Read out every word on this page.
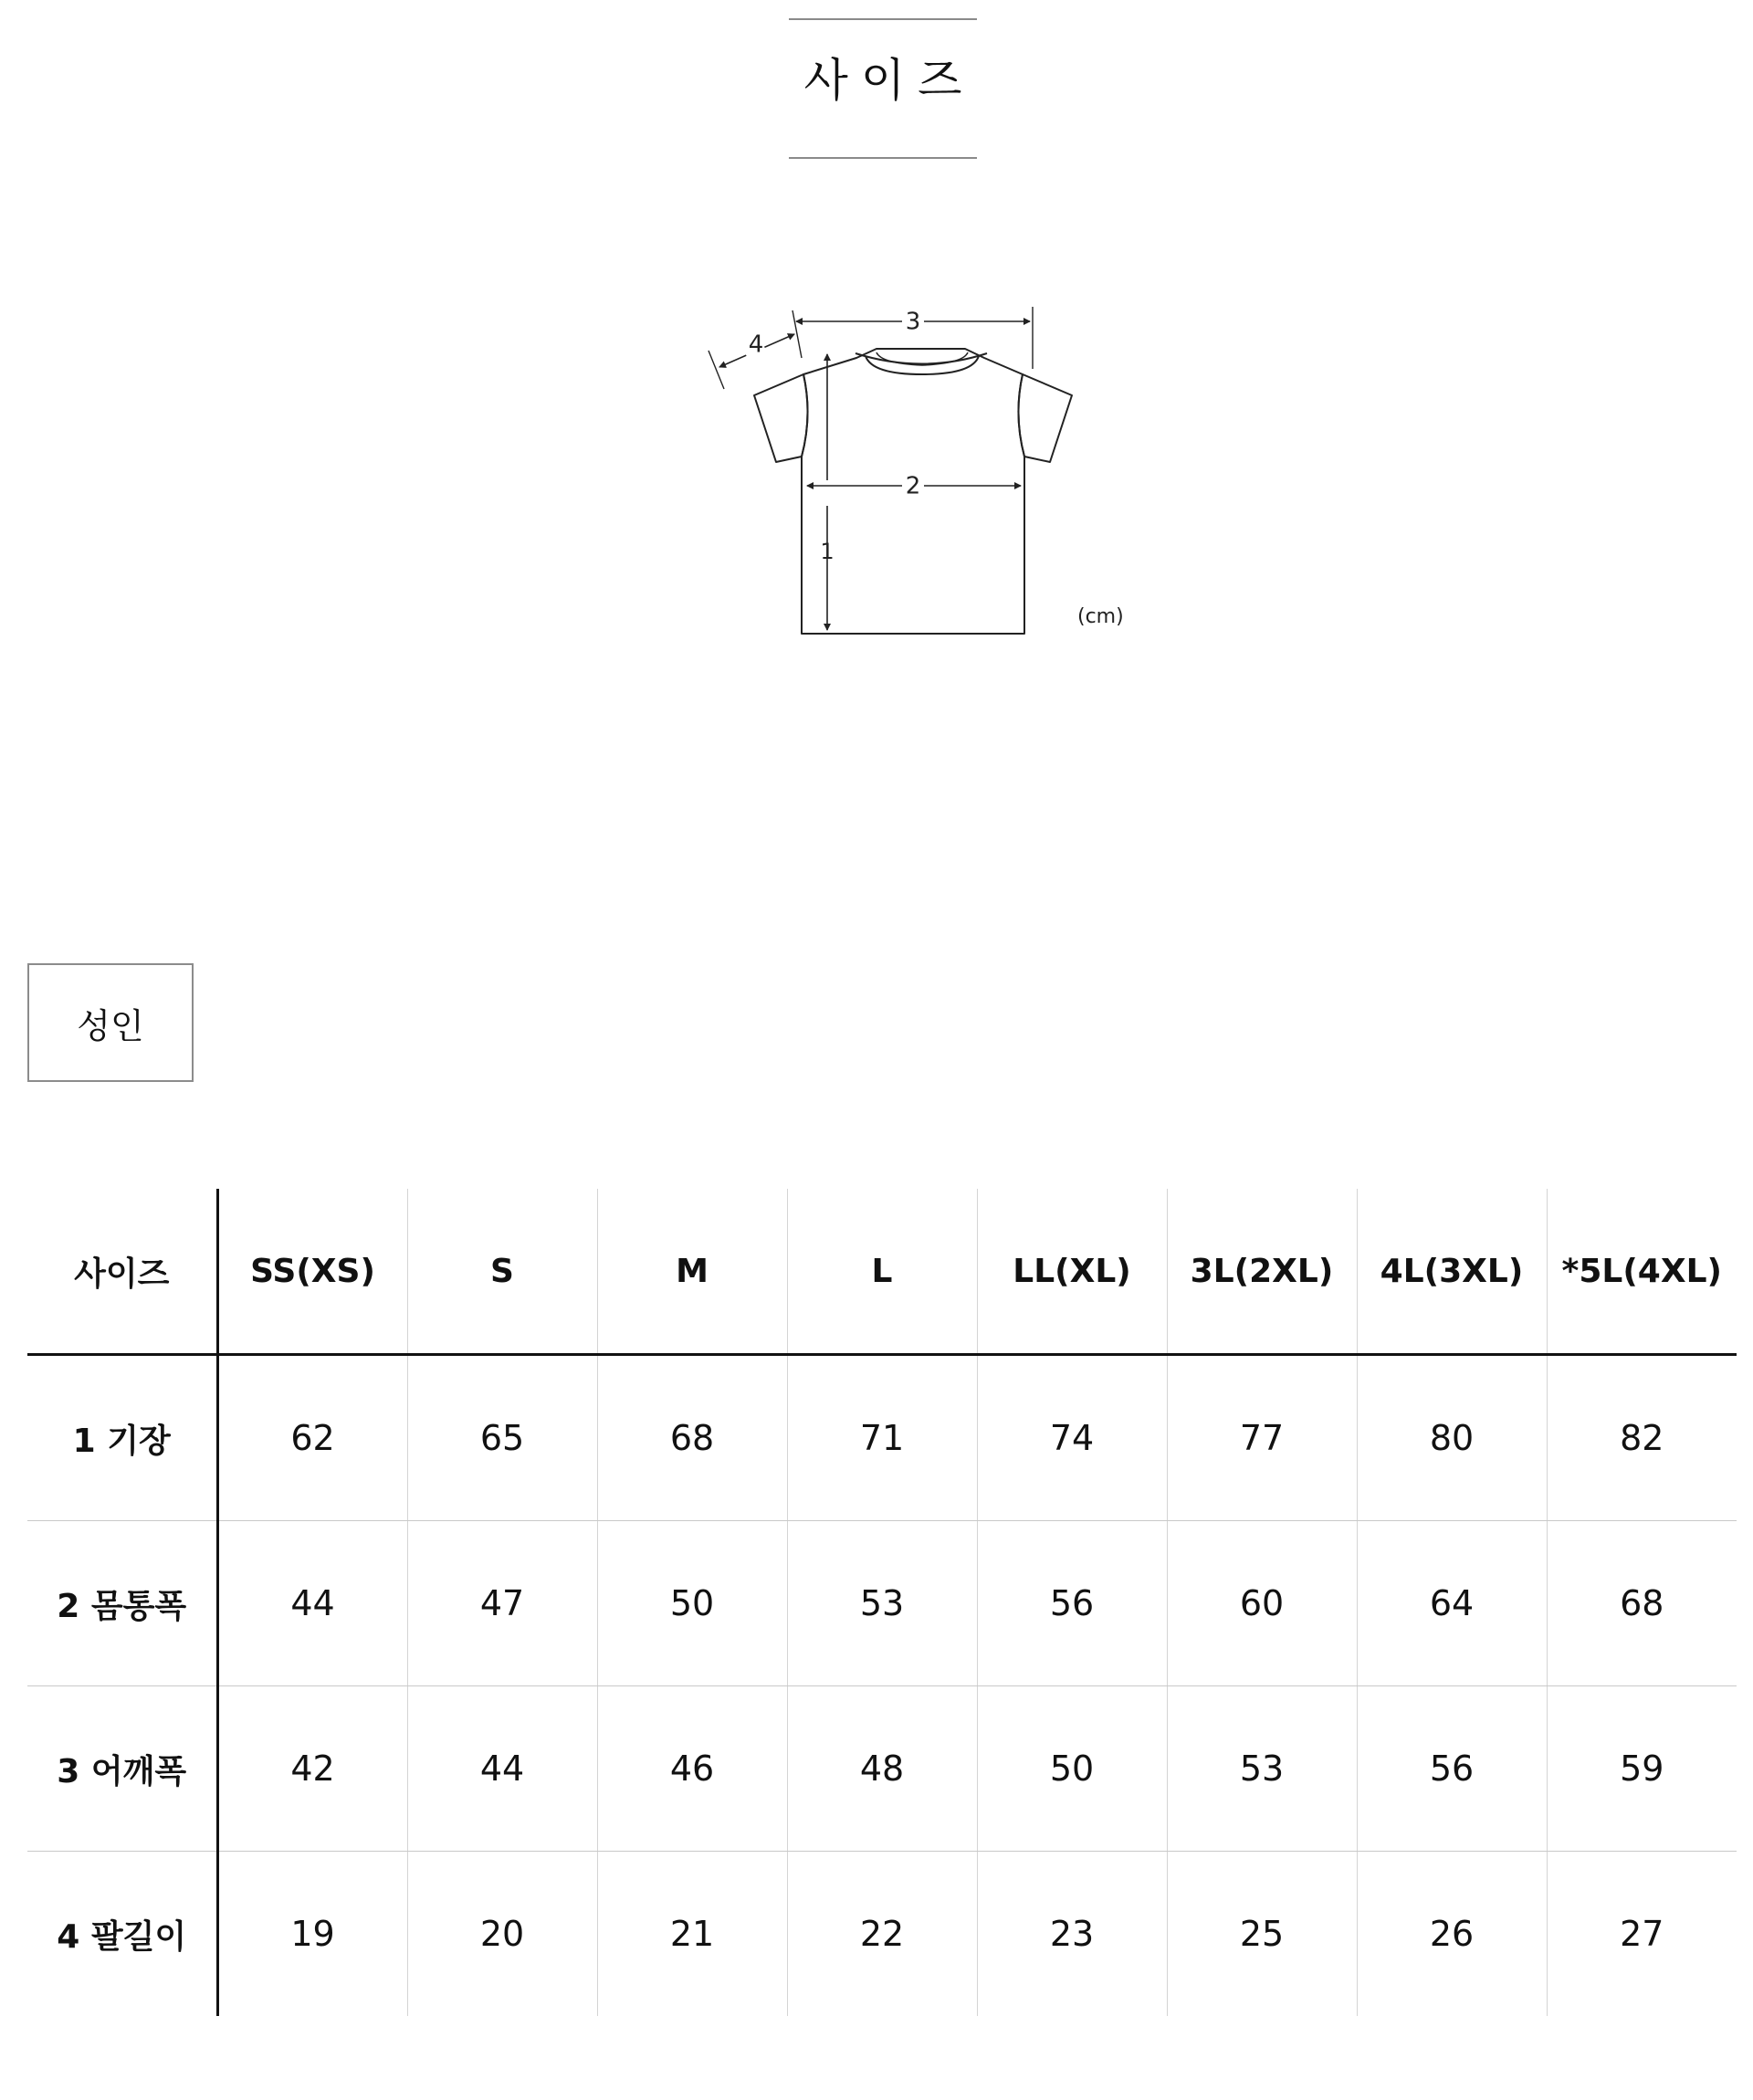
사이즈
1
2
3
4
(cm)
성인
사이즈	SS(XS)	S	M	L	LL(XL)	3L(2XL)	4L(3XL)	*5L(4XL)
1 기장	62	65	68	71	74	77	80	82
2 몸통폭	44	47	50	53	56	60	64	68
3 어깨폭	42	44	46	48	50	53	56	59
4 팔길이	19	20	21	22	23	25	26	27
